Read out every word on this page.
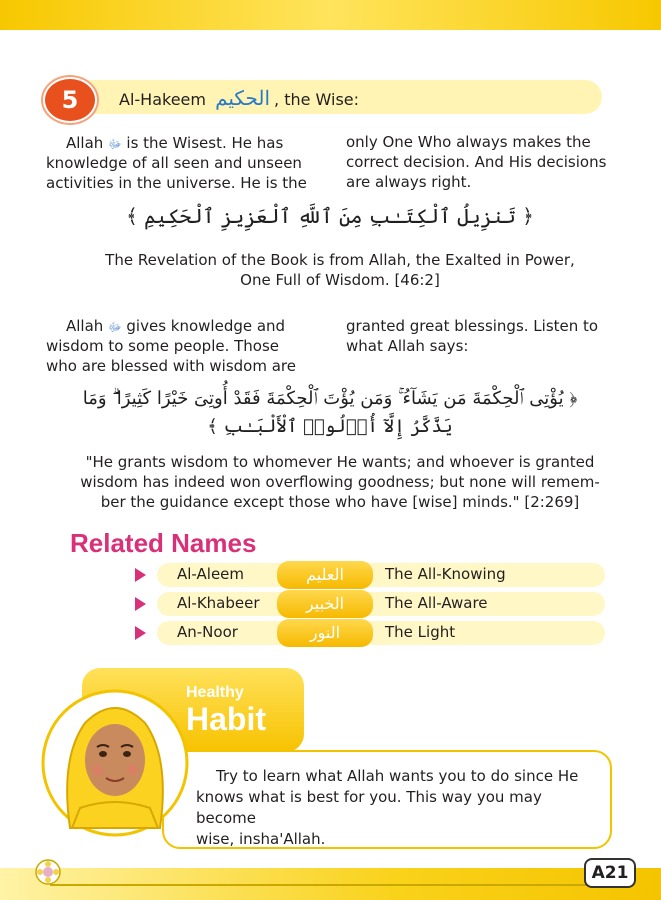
5	Al-Hakeem الحكيم , the Wise:
Allah ﷻ is the Wisest. He has
knowledge of all seen and unseen
activities in the universe. He is the
only One Who always makes the
correct decision. And His decisions
are always right.
﴿ تَنزِيلُ ٱلْكِتَـٰبِ مِنَ ٱللَّهِ ٱلْعَزِيزِ ٱلْحَكِيمِ ﴾
The Revelation of the Book is from Allah, the Exalted in Power,
One Full of Wisdom. [46:2]
Allah ﷻ gives knowledge and
wisdom to some people. Those
who are blessed with wisdom are
granted great blessings. Listen to
what Allah says:
﴿ يُؤْتِى ٱلْحِكْمَةَ مَن يَشَآءُ ۚ وَمَن يُؤْتَ ٱلْحِكْمَةَ فَقَدْ أُوتِىَ خَيْرًا كَثِيرًا ۗ وَمَا
يَذَّكَّرُ إِلَّآ أُو۟لُوا۟ ٱلْأَلْبَـٰبِ ﴾
"He grants wisdom to whomever He wants; and whoever is granted
wisdom has indeed won overflowing goodness; but none will remem-
ber the guidance except those who have [wise] minds." [2:269]
Related Names
Al-Aleem	العليم	The All-Knowing
Al-Khabeer	الخبير	The All-Aware
An-Noor	النور	The Light
Healthy
Habit
Try to learn what Allah wants you to do since He
knows what is best for you. This way you may become
wise, insha'Allah.
A21
